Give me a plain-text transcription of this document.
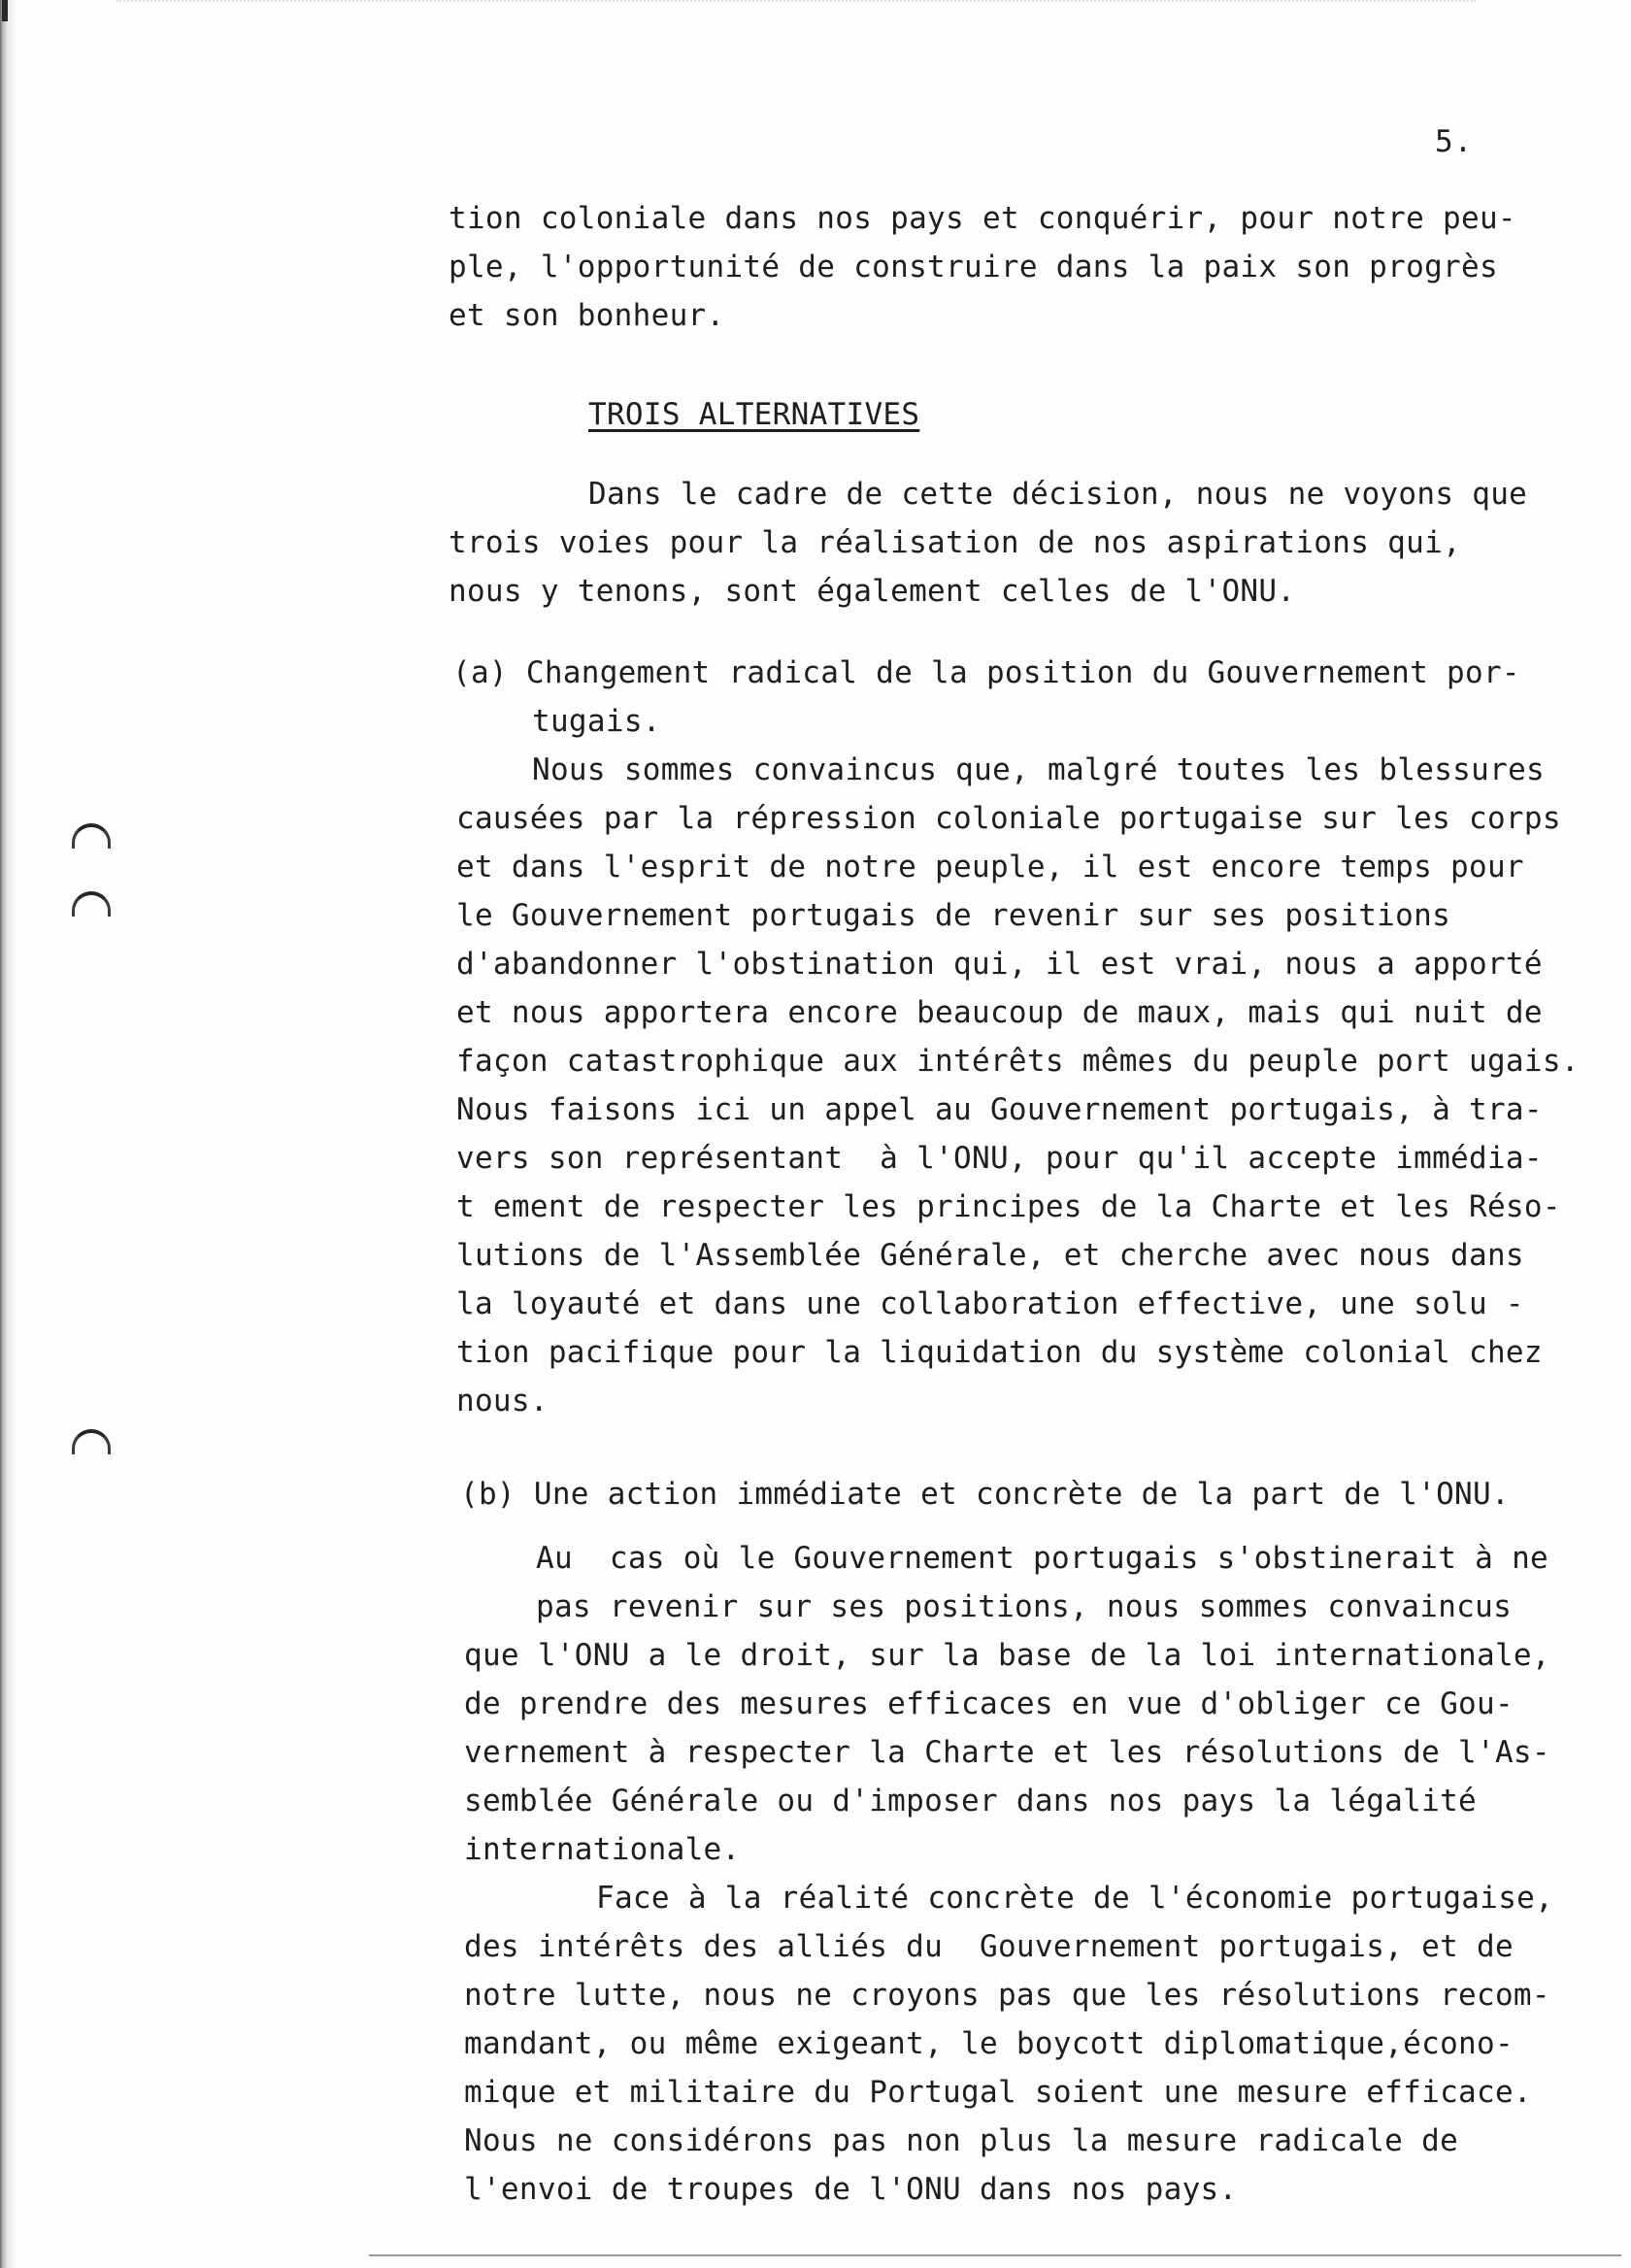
5.
tion coloniale dans nos pays et conquérir, pour notre peu-
ple, l'opportunité de construire dans la paix son progrès
et son bonheur.
TROIS ALTERNATIVES
Dans le cadre de cette décision, nous ne voyons que
trois voies pour la réalisation de nos aspirations qui,
nous y tenons, sont également celles de l'ONU.
(a) Changement radical de la position du Gouvernement por-
tugais.
Nous sommes convaincus que, malgré toutes les blessures
causées par la répression coloniale portugaise sur les corps
et dans l'esprit de notre peuple, il est encore temps pour
le Gouvernement portugais de revenir sur ses positions
d'abandonner l'obstination qui, il est vrai, nous a apporté
et nous apportera encore beaucoup de maux, mais qui nuit de
façon catastrophique aux intérêts mêmes du peuple port ugais.
Nous faisons ici un appel au Gouvernement portugais, à tra-
vers son représentant  à l'ONU, pour qu'il accepte immédia-
t ement de respecter les principes de la Charte et les Réso-
lutions de l'Assemblée Générale, et cherche avec nous dans
la loyauté et dans une collaboration effective, une solu -
tion pacifique pour la liquidation du système colonial chez
nous.
(b) Une action immédiate et concrète de la part de l'ONU.
Au  cas où le Gouvernement portugais s'obstinerait à ne
pas revenir sur ses positions, nous sommes convaincus
que l'ONU a le droit, sur la base de la loi internationale,
de prendre des mesures efficaces en vue d'obliger ce Gou-
vernement à respecter la Charte et les résolutions de l'As-
semblée Générale ou d'imposer dans nos pays la légalité
internationale.
Face à la réalité concrète de l'économie portugaise,
des intérêts des alliés du  Gouvernement portugais, et de
notre lutte, nous ne croyons pas que les résolutions recom-
mandant, ou même exigeant, le boycott diplomatique,écono-
mique et militaire du Portugal soient une mesure efficace.
Nous ne considérons pas non plus la mesure radicale de
l'envoi de troupes de l'ONU dans nos pays.
